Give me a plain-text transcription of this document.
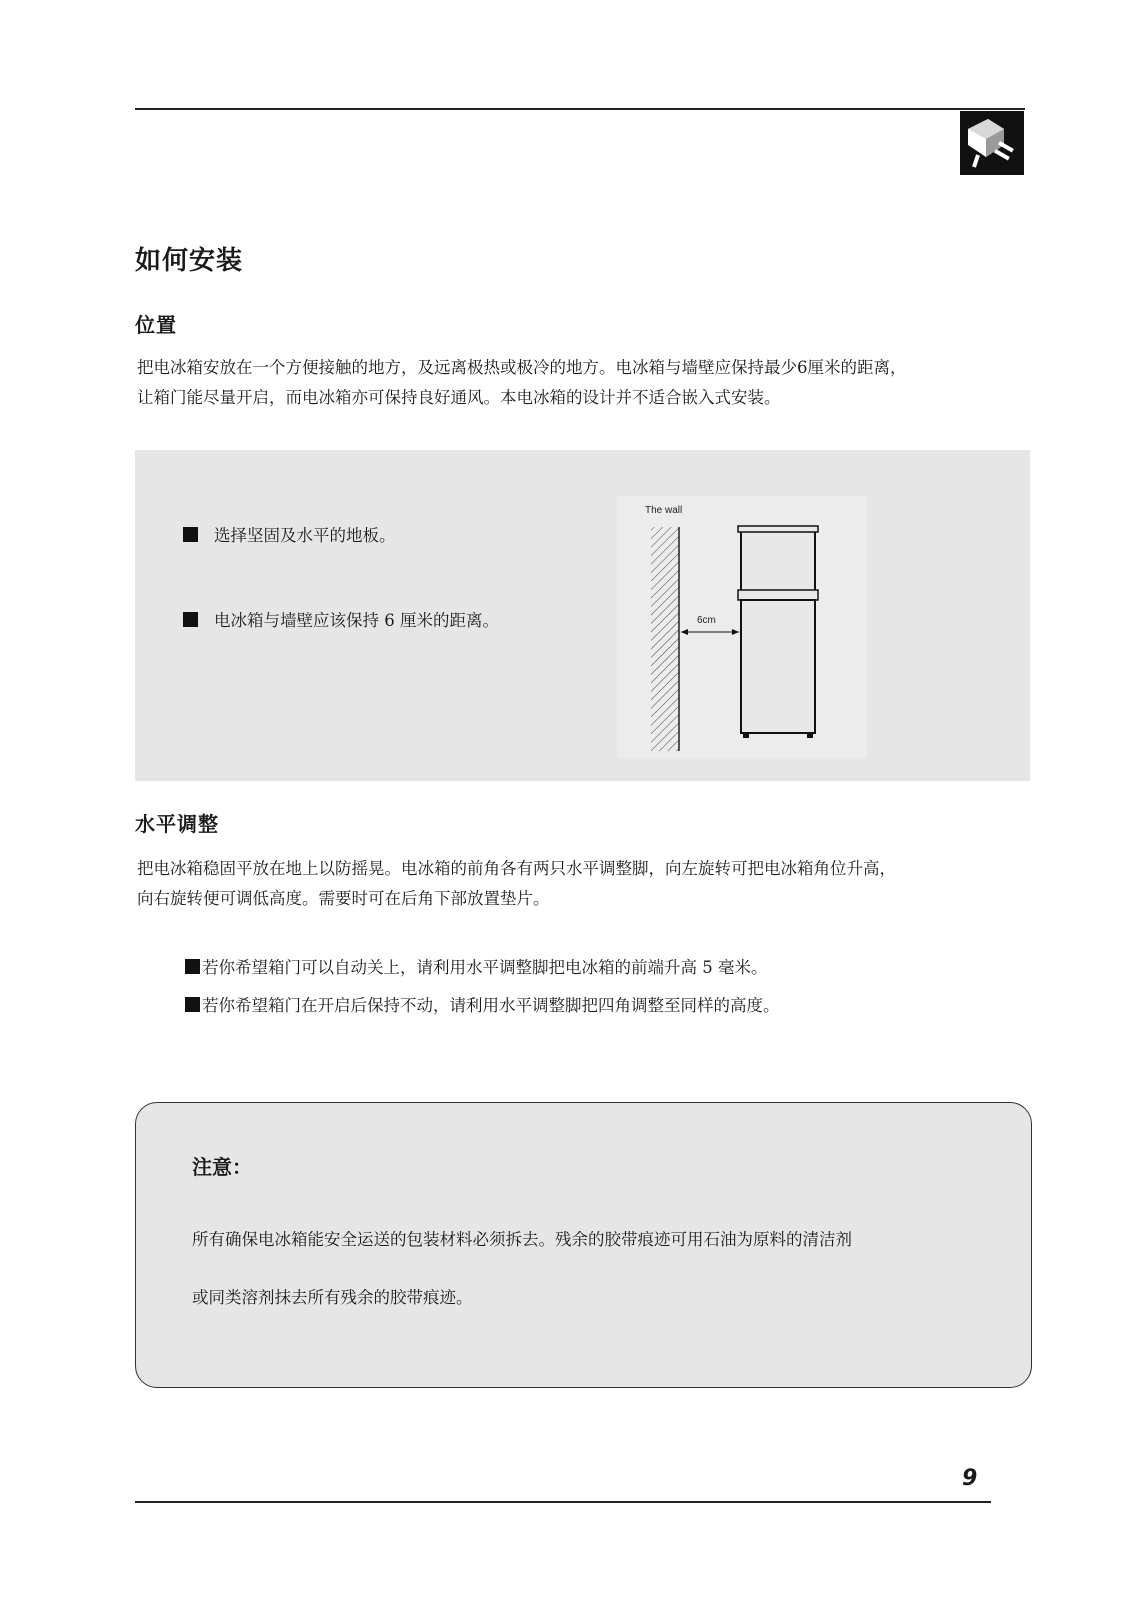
如何安装
位置
把电冰箱安放在一个方便接触的地方，及远离极热或极冷的地方。电冰箱与墙壁应保持最少6厘米的距离，
让箱门能尽量开启，而电冰箱亦可保持良好通风。本电冰箱的设计并不适合嵌入式安装。
选择坚固及水平的地板。
电冰箱与墙壁应该保持 6 厘米的距离。
The wall
6cm
水平调整
把电冰箱稳固平放在地上以防摇晃。电冰箱的前角各有两只水平调整脚，向左旋转可把电冰箱角位升高，
向右旋转便可调低高度。需要时可在后角下部放置垫片。
若你希望箱门可以自动关上，请利用水平调整脚把电冰箱的前端升高 5 毫米。
若你希望箱门在开启后保持不动，请利用水平调整脚把四角调整至同样的高度。
注意：
所有确保电冰箱能安全运送的包装材料必须拆去。残余的胶带痕迹可用石油为原料的清洁剂
或同类溶剂抹去所有残余的胶带痕迹。
9
